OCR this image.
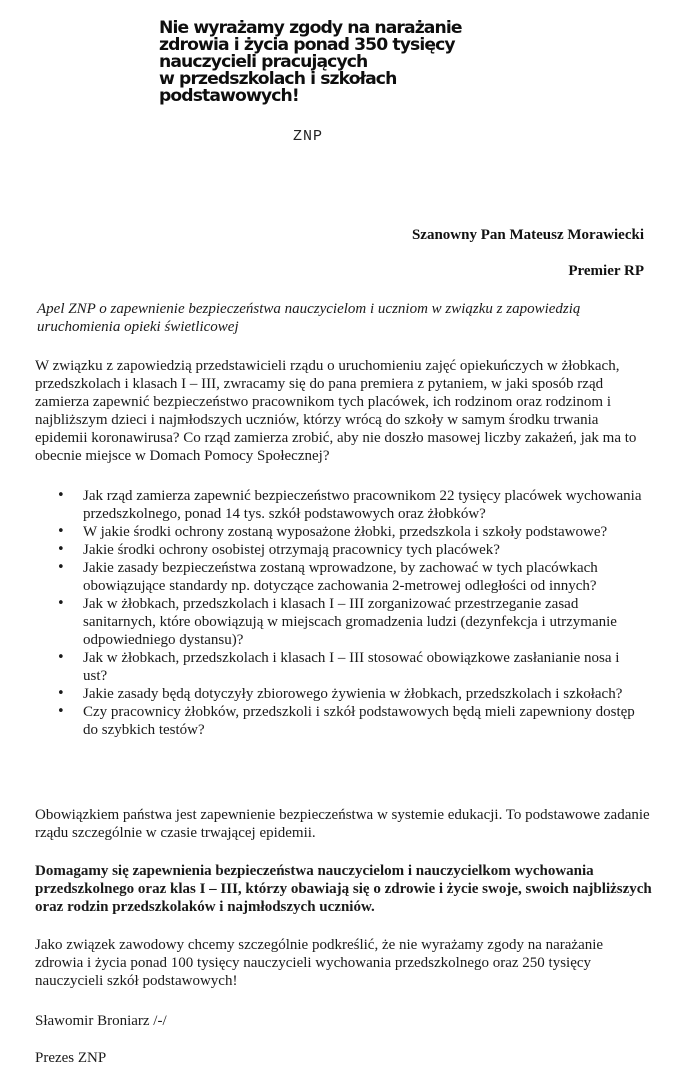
Nie wyrażamy zgody na narażanie
zdrowia i życia ponad 350 tysięcy
nauczycieli pracujących
w przedszkolach i szkołach
podstawowych!
ZNP
Szanowny Pan Mateusz Morawiecki
Premier RP

Apel ZNP o zapewnienie bezpieczeństwa nauczycielom i uczniom w związku z zapowiedzią uruchomienia opieki świetlicowej

W związku z zapowiedzią przedstawicieli rządu o uruchomieniu zajęć opiekuńczych w żłobkach, przedszkolach i klasach I – III, zwracamy się do pana premiera z pytaniem, w jaki sposób rząd zamierza zapewnić bezpieczeństwo pracownikom tych placówek, ich rodzinom oraz rodzinom i najbliższym dzieci i najmłodszych uczniów, którzy wrócą do szkoły w samym środku trwania epidemii koronawirusa? Co rząd zamierza zrobić, aby nie doszło masowej liczby zakażeń, jak ma to obecnie miejsce w Domach Pomocy Społecznej?

• Jak rząd zamierza zapewnić bezpieczeństwo pracownikom 22 tysięcy placówek wychowania przedszkolnego, ponad 14 tys. szkół podstawowych oraz żłobków?
• W jakie środki ochrony zostaną wyposażone żłobki, przedszkola i szkoły podstawowe?
• Jakie środki ochrony osobistej otrzymają pracownicy tych placówek?
• Jakie zasady bezpieczeństwa zostaną wprowadzone, by zachować w tych placówkach obowiązujące standardy np. dotyczące zachowania 2-metrowej odległości od innych?
• Jak w żłobkach, przedszkolach i klasach I – III zorganizować przestrzeganie zasad sanitarnych, które obowiązują w miejscach gromadzenia ludzi (dezynfekcja i utrzymanie odpowiedniego dystansu)?
• Jak w żłobkach, przedszkolach i klasach I – III stosować obowiązkowe zasłanianie nosa i ust?
• Jakie zasady będą dotyczyły zbiorowego żywienia w żłobkach, przedszkolach i szkołach?
• Czy pracownicy żłobków, przedszkoli i szkół podstawowych będą mieli zapewniony dostęp do szybkich testów?

Obowiązkiem państwa jest zapewnienie bezpieczeństwa w systemie edukacji. To podstawowe zadanie rządu szczególnie w czasie trwającej epidemii.

Domagamy się zapewnienia bezpieczeństwa nauczycielom i nauczycielkom wychowania przedszkolnego oraz klas I – III, którzy obawiają się o zdrowie i życie swoje, swoich najbliższych oraz rodzin przedszkolaków i najmłodszych uczniów.

Jako związek zawodowy chcemy szczególnie podkreślić, że nie wyrażamy zgody na narażanie zdrowia i życia ponad 100 tysięcy nauczycieli wychowania przedszkolnego oraz 250 tysięcy nauczycieli szkół podstawowych!

Sławomir Broniarz /-/

Prezes ZNP
